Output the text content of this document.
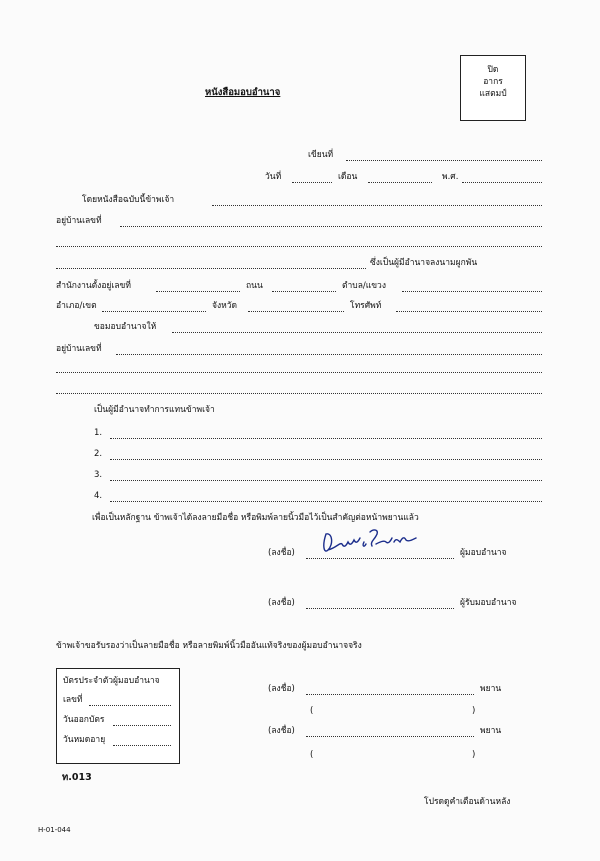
ปิด
อากร
แสตมป์
หนังสือมอบอำนาจ
เขียนที่
วันที่	เดือน	พ.ศ.
โดยหนังสือฉบับนี้ข้าพเจ้า
อยู่บ้านเลขที่
ซึ่งเป็นผู้มีอำนาจลงนามผูกพัน
สำนักงานตั้งอยู่เลขที่	ถนน	ตำบล/แขวง
อำเภอ/เขต	จังหวัด	โทรศัพท์
ขอมอบอำนาจให้
อยู่บ้านเลขที่
เป็นผู้มีอำนาจทำการแทนข้าพเจ้า
1.
2.
3.
4.
เพื่อเป็นหลักฐาน ข้าพเจ้าได้ลงลายมือชื่อ หรือพิมพ์ลายนิ้วมือไว้เป็นสำคัญต่อหน้าพยานแล้ว
(ลงชื่อ)	ผู้มอบอำนาจ
(ลงชื่อ)	ผู้รับมอบอำนาจ
ข้าพเจ้าขอรับรองว่าเป็นลายมือชื่อ หรือลายพิมพ์นิ้วมืออันแท้จริงของผู้มอบอำนาจจริง
บัตรประจำตัวผู้มอบอำนาจ
เลขที่
วันออกบัตร
วันหมดอายุ
(ลงชื่อ)	พยาน
(	)
(ลงชื่อ)	พยาน
(	)
ท.013
โปรดดูคำเตือนด้านหลัง
H-01-044
